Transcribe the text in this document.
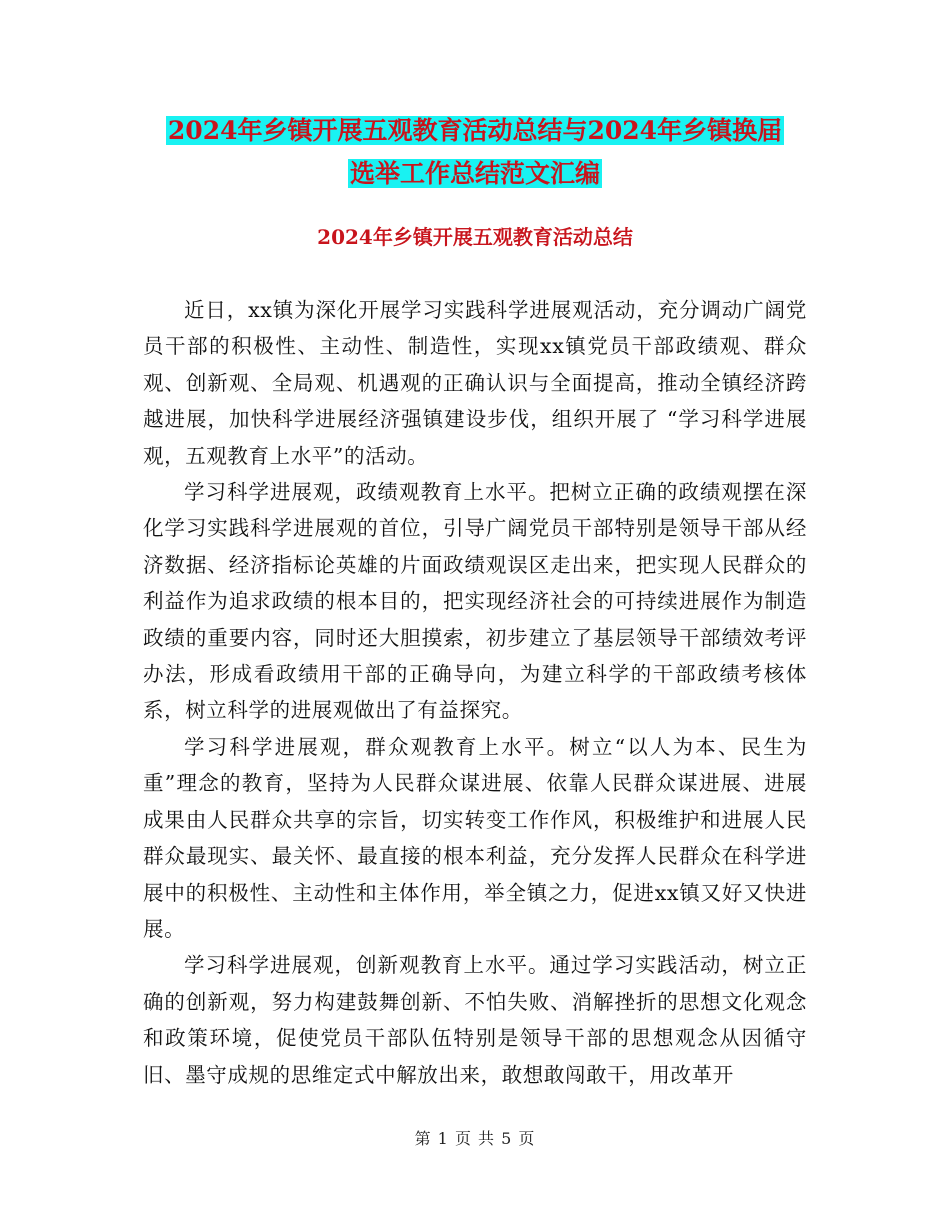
2024年乡镇开展五观教育活动总结与2024年乡镇换届
选举工作总结范文汇编
2024年乡镇开展五观教育活动总结

近日，xx镇为深化开展学习实践科学进展观活动，充分调动广阔党员干部的积极性、主动性、制造性，实现xx镇党员干部政绩观、群众观、创新观、全局观、机遇观的正确认识与全面提高，推动全镇经济跨越进展，加快科学进展经济强镇建设步伐，组织开展了 “学习科学进展观，五观教育上水平”的活动。

学习科学进展观，政绩观教育上水平。把树立正确的政绩观摆在深化学习实践科学进展观的首位，引导广阔党员干部特别是领导干部从经济数据、经济指标论英雄的片面政绩观误区走出来，把实现人民群众的利益作为追求政绩的根本目的，把实现经济社会的可持续进展作为制造政绩的重要内容，同时还大胆摸索，初步建立了基层领导干部绩效考评办法，形成看政绩用干部的正确导向，为建立科学的干部政绩考核体系，树立科学的进展观做出了有益探究。

学习科学进展观，群众观教育上水平。树立“以人为本、民生为重”理念的教育，坚持为人民群众谋进展、依靠人民群众谋进展、进展成果由人民群众共享的宗旨，切实转变工作作风，积极维护和进展人民群众最现实、最关怀、最直接的根本利益，充分发挥人民群众在科学进展中的积极性、主动性和主体作用，举全镇之力，促进xx镇又好又快进展。

学习科学进展观，创新观教育上水平。通过学习实践活动，树立正确的创新观，努力构建鼓舞创新、不怕失败、消解挫折的思想文化观念和政策环境，促使党员干部队伍特别是领导干部的思想观念从因循守旧、墨守成规的思维定式中解放出来，敢想敢闯敢干，用改革开

第 1 页 共 5 页
